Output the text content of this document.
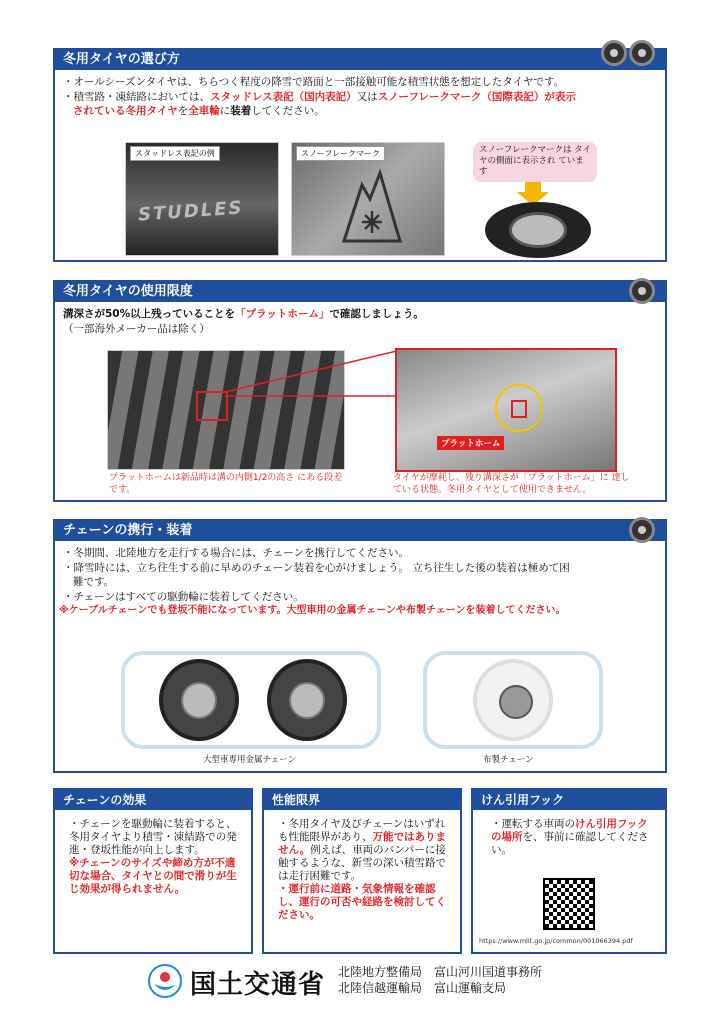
冬用タイヤの選び方
・オールシーズンタイヤは、ちらつく程度の降雪で路面と一部接触可能な積雪状態を想定したタイヤです。
・積雪路・凍結路においては、スタッドレス表記（国内表記）又はスノーフレークマーク（国際表記）が表示
されている冬用タイヤを全車輪に装着してください。
スタッドレス表記の例
STUDLES
スノーフレークマーク	スノーフレークマークは タイヤの側面に表示され ています
冬用タイヤの使用限度
溝深さが50%以上残っていることを「プラットホーム」で確認しましょう。
（一部海外メーカー品は除く）
プラットホーム
プラットホームは新品時は溝の内側1/2の高さ にある段差です。
タイヤが摩耗し、残り溝深さが「プラットホーム」に 達している状態。冬用タイヤとして使用できません。
チェーンの携行・装着
・冬期間、北陸地方を走行する場合には、チェーンを携行してください。
・降雪時には、立ち往生する前に早めのチェーン装着を心がけましょう。 立ち往生した後の装着は極めて困
難です。
・チェーンはすべての駆動輪に装着してください。
※ケーブルチェーンでも登坂不能になっています。大型車用の金属チェーンや布製チェーンを装着してください。
大型車専用金属チェーン	布製チェーン
チェーンの効果
・チェーンを駆動輪に装着すると、冬用タイヤより積雪・凍結路での発進・登坂性能が向上します。
※チェーンのサイズや締め方が不適切な場合、タイヤとの間で滑りが生じ効果が得られません。
性能限界
・冬用タイヤ及びチェーンはいずれも性能限界があり、万能ではありません。例えば、車両のバンパーに接触するような、新雪の深い積雪路では走行困難です。
・運行前に道路・気象情報を確認し、運行の可否や経路を検討してください。
けん引用フック
・運転する車両のけん引用フックの場所を、事前に確認してください。
https://www.mlit.go.jp/common/001066394.pdf
国土交通省 北陸地方整備局　 富山河川国道事務所
北陸信越運輸局　 富山運輸支局
